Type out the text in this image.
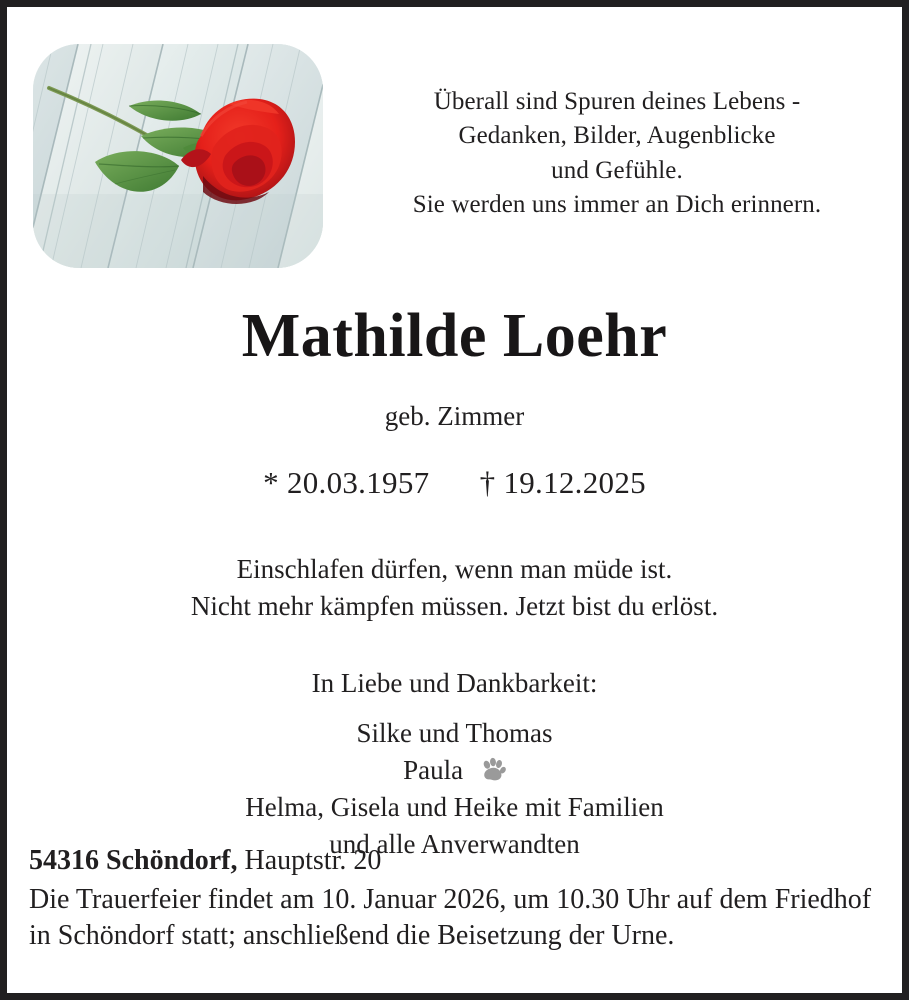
Überall sind Spuren deines Lebens -
Gedanken, Bilder, Augenblicke
und Gefühle.
Sie werden uns immer an Dich erinnern.
Mathilde Loehr
geb. Zimmer
* 20.03.1957 † 19.12.2025
Einschlafen dürfen, wenn man müde ist.
Nicht mehr kämpfen müssen. Jetzt bist du erlöst.
In Liebe und Dankbarkeit:
Silke und Thomas
Paula
Helma, Gisela und Heike mit Familien
und alle Anverwandten
54316 Schöndorf, Hauptstr. 20
Die Trauerfeier findet am 10. Januar 2026, um 10.30 Uhr auf dem Friedhof in Schöndorf statt; anschließend die Beisetzung der Urne.
